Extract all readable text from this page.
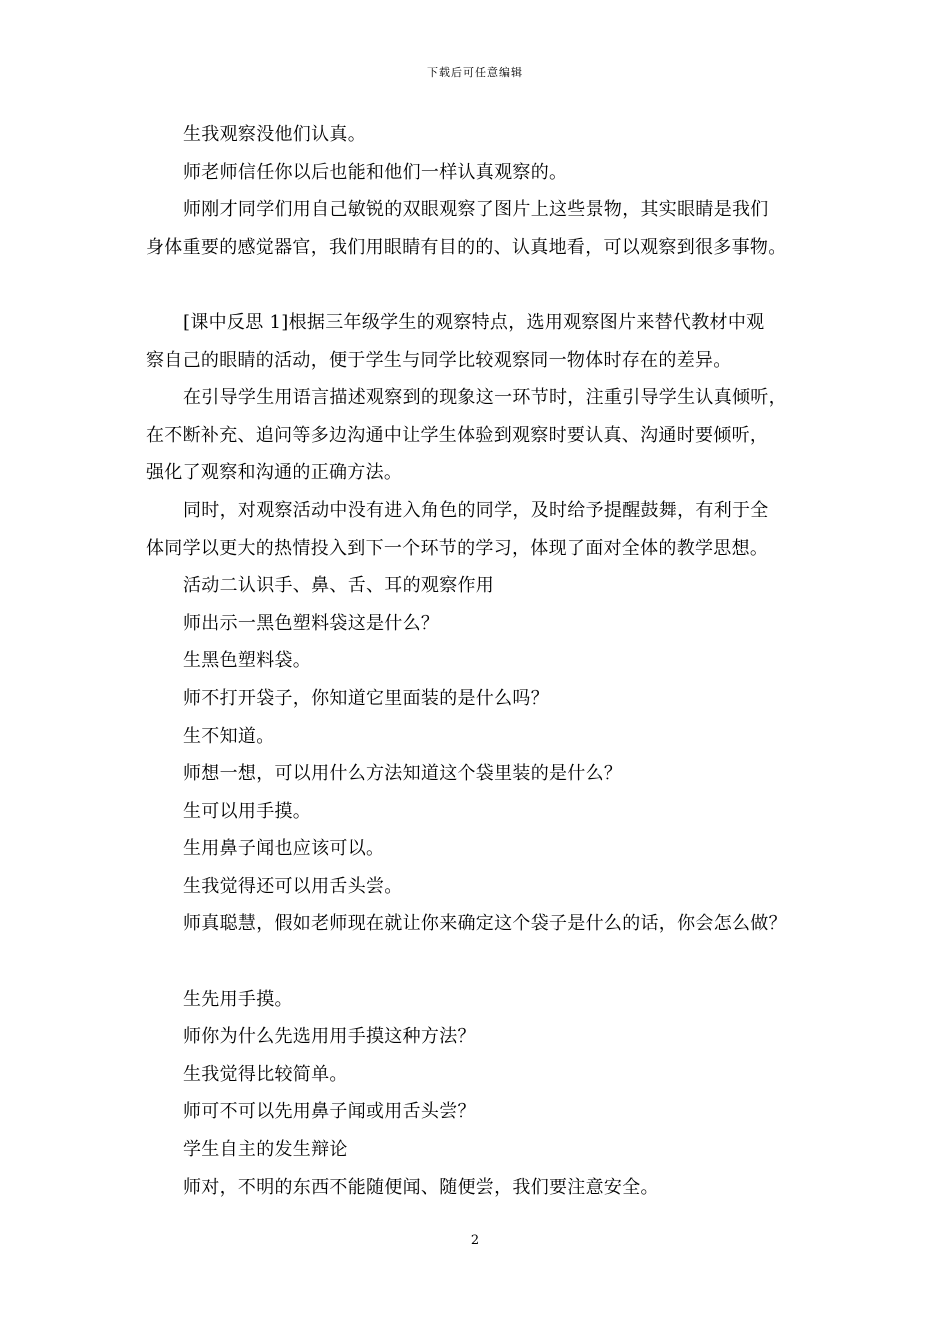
下载后可任意编辑

生我观察没他们认真。

师老师信任你以后也能和他们一样认真观察的。

师刚才同学们用自己敏锐的双眼观察了图片上这些景物，其实眼睛是我们
身体重要的感觉器官，我们用眼睛有目的的、认真地看，可以观察到很多事物。

[课中反思 1]根据三年级学生的观察特点，选用观察图片来替代教材中观
察自己的眼睛的活动，便于学生与同学比较观察同一物体时存在的差异。

在引导学生用语言描述观察到的现象这一环节时，注重引导学生认真倾听，
在不断补充、追问等多边沟通中让学生体验到观察时要认真、沟通时要倾听，
强化了观察和沟通的正确方法。

同时，对观察活动中没有进入角色的同学，及时给予提醒鼓舞，有利于全
体同学以更大的热情投入到下一个环节的学习，体现了面对全体的教学思想。

活动二认识手、鼻、舌、耳的观察作用

师出示一黑色塑料袋这是什么？

生黑色塑料袋。

师不打开袋子，你知道它里面装的是什么吗？

生不知道。

师想一想，可以用什么方法知道这个袋里装的是什么？

生可以用手摸。

生用鼻子闻也应该可以。

生我觉得还可以用舌头尝。

师真聪慧，假如老师现在就让你来确定这个袋子是什么的话，你会怎么做？

生先用手摸。

师你为什么先选用用手摸这种方法？

生我觉得比较简单。

师可不可以先用鼻子闻或用舌头尝？

学生自主的发生辩论

师对，不明的东西不能随便闻、随便尝，我们要注意安全。

2
